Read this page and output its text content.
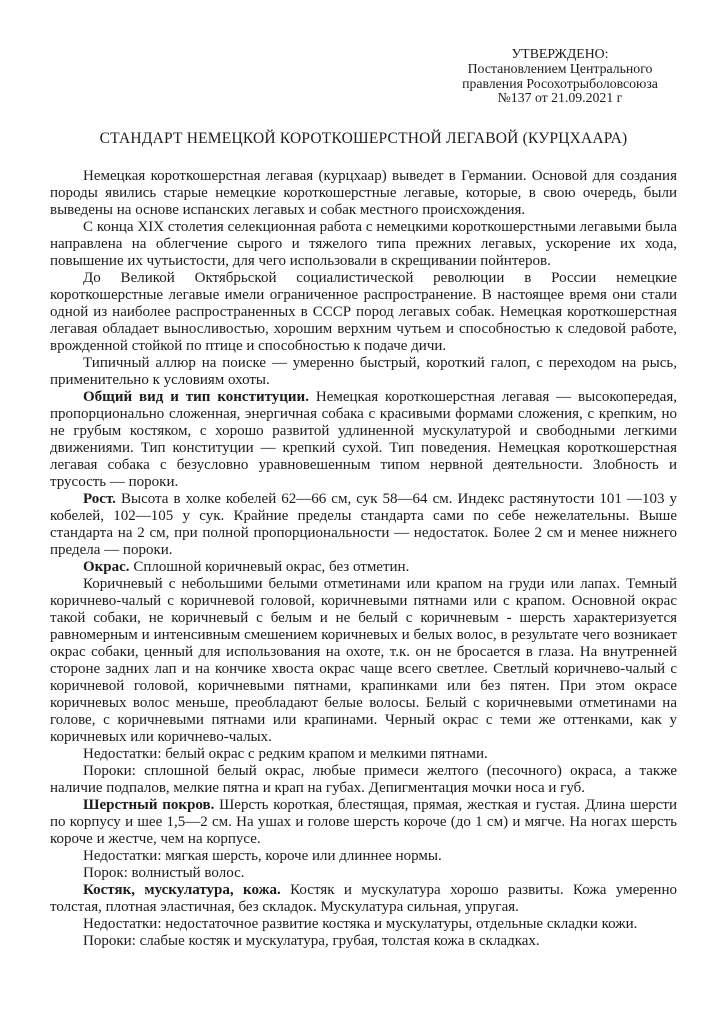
УТВЕРЖДЕНО:
Постановлением Центрального
правления Росохотрыболовсоюза
№137 от 21.09.2021 г
СТАНДАРТ НЕМЕЦКОЙ КОРОТКОШЕРСТНОЙ ЛЕГАВОЙ (КУРЦХААРА)

Немецкая короткошерстная легавая (курцхаар) выведет в Германии. Основой для создания породы явились старые немецкие короткошерстные легавые, которые, в свою очередь, были выведены на основе испанских легавых и собак местного происхождения.

С конца XIX столетия селекционная работа с немецкими короткошерстными легавыми была направлена на облегчение сырого и тяжелого типа прежних легавых, ускорение их хода, повышение их чутьистости, для чего использовали в скрещивании пойнтеров.

До Великой Октябрьской социалистической революции в России немецкие короткошерстные легавые имели ограниченное распространение. В настоящее время они стали одной из наиболее распространенных в СССР пород легавых собак. Немецкая короткошерстная легавая обладает выносливостью, хорошим верхним чутьем и способностью к следовой работе, врожденной стойкой по птице и способностью к подаче дичи.

Типичный аллюр на поиске — умеренно быстрый, короткий галоп, с переходом на рысь, применительно к условиям охоты.

Общий вид и тип конституции. Немецкая короткошерстная легавая — высокопередая, пропорционально сложенная, энергичная собака с красивыми формами сложения, с крепким, но не грубым костяком, с хорошо развитой удлиненной мускулатурой и свободными легкими движениями. Тип конституции — крепкий сухой. Тип поведения. Немецкая короткошерстная легавая собака с безусловно уравновешенным типом нервной деятельности. Злобность и трусость — пороки.

Рост. Высота в холке кобелей 62—66 см, сук 58—64 см. Индекс растянутости 101 —103 у кобелей, 102—105 у сук. Крайние пределы стандарта сами по себе нежелательны. Выше стандарта на 2 см, при полной пропорциональности — недостаток. Более 2 см и менее нижнего предела — пороки.

Окрас. Сплошной коричневый окрас, без отметин.

Коричневый с небольшими белыми отметинами или крапом на груди или лапах. Темный коричнево-чалый с коричневой головой, коричневыми пятнами или с крапом. Основной окрас такой собаки, не коричневый с белым и не белый с коричневым - шерсть характеризуется равномерным и интенсивным смешением коричневых и белых волос, в результате чего возникает окрас собаки, ценный для использования на охоте, т.к. он не бросается в глаза. На внутренней стороне задних лап и на кончике хвоста окрас чаще всего светлее. Светлый коричнево-чалый с коричневой головой, коричневыми пятнами, крапинками или без пятен. При этом окрасе коричневых волос меньше, преобладают белые волосы. Белый с коричневыми отметинами на голове, с коричневыми пятнами или крапинами. Черный окрас с теми же оттенками, как у коричневых или коричнево-чалых.

Недостатки: белый окрас с редким крапом и мелкими пятнами.

Пороки: сплошной белый окрас, любые примеси желтого (песочного) окраса, а также наличие подпалов, мелкие пятна и крап на губах. Депигментация мочки носа и губ.

Шерстный покров. Шерсть короткая, блестящая, прямая, жесткая и густая. Длина шерсти по корпусу и шее 1,5—2 см. На ушах и голове шерсть короче (до 1 см) и мягче. На ногах шерсть короче и жестче, чем на корпусе.

Недостатки: мягкая шерсть, короче или длиннее нормы.

Порок: волнистый волос.

Костяк, мускулатура, кожа. Костяк и мускулатура хорошо развиты. Кожа умеренно толстая, плотная эластичная, без складок. Мускулатура сильная, упругая.

Недостатки: недостаточное развитие костяка и мускулатуры, отдельные складки кожи.

Пороки: слабые костяк и мускулатура, грубая, толстая кожа в складках.
